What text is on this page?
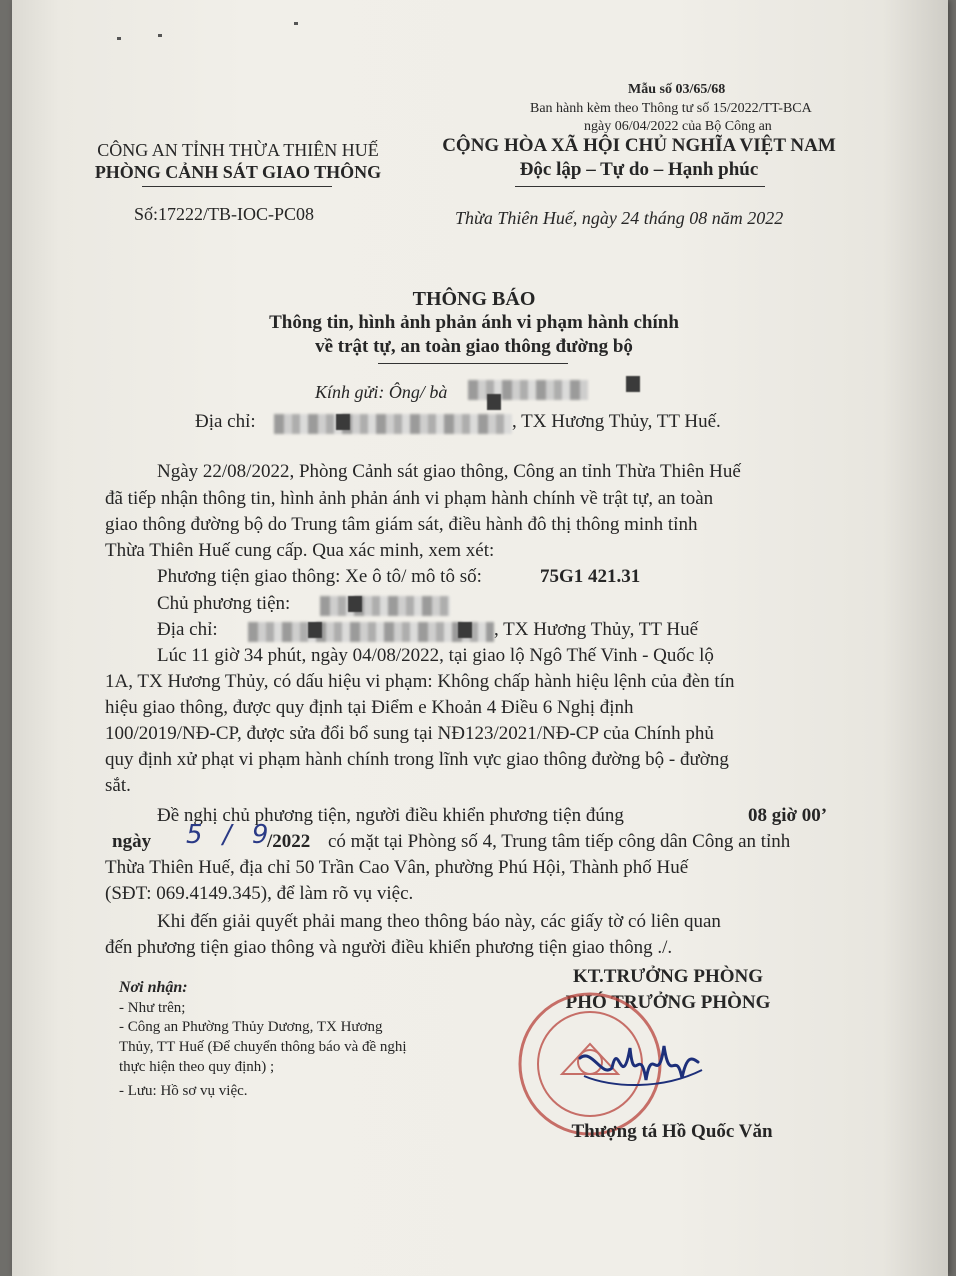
Mẫu số 03/65/68
Ban hành kèm theo Thông tư số 15/2022/TT-BCA
ngày 06/04/2022 của Bộ Công an
CÔNG AN TỈNH THỪA THIÊN HUẾ
PHÒNG CẢNH SÁT GIAO THÔNG
Số:17222/TB-IOC-PC08
CỘNG HÒA XÃ HỘI CHỦ NGHĨA VIỆT NAM
Độc lập – Tự do – Hạnh phúc
Thừa Thiên Huế, ngày 24 tháng 08 năm 2022
THÔNG BÁO
Thông tin, hình ảnh phản ánh vi phạm hành chính
về trật tự, an toàn giao thông đường bộ
Kính gửi: Ông/ bà
Địa chỉ:	, TX Hương Thủy, TT Huế.
Ngày 22/08/2022, Phòng Cảnh sát giao thông, Công an tỉnh Thừa Thiên Huế
đã tiếp nhận thông tin, hình ảnh phản ánh vi phạm hành chính về trật tự, an toàn
giao thông đường bộ do Trung tâm giám sát, điều hành đô thị thông minh tỉnh
Thừa Thiên Huế cung cấp. Qua xác minh, xem xét:
Phương tiện giao thông: Xe ô tô/ mô tô số:	75G1 421.31
Chủ phương tiện:
Địa chỉ:	, TX Hương Thủy, TT Huế
Lúc 11 giờ 34 phút, ngày 04/08/2022, tại giao lộ Ngô Thế Vinh - Quốc lộ
1A, TX Hương Thủy, có dấu hiệu vi phạm: Không chấp hành hiệu lệnh của đèn tín
hiệu giao thông, được quy định tại Điểm e Khoản 4 Điều 6 Nghị định
100/2019/NĐ-CP, được sửa đổi bổ sung tại NĐ123/2021/NĐ-CP của Chính phủ
quy định xử phạt vi phạm hành chính trong lĩnh vực giao thông đường bộ - đường
sắt.
Đề nghị chủ phương tiện, người điều khiển phương tiện đúng	08 giờ 00’
ngày 5 / 9
/2022 có mặt tại Phòng số 4, Trung tâm tiếp công dân Công an tỉnh
Thừa Thiên Huế, địa chỉ 50 Trần Cao Vân, phường Phú Hội, Thành phố Huế
(SĐT: 069.4149.345), để làm rõ vụ việc.
Khi đến giải quyết phải mang theo thông báo này, các giấy tờ có liên quan
đến phương tiện giao thông và người điều khiển phương tiện giao thông ./.
Nơi nhận:
- Như trên;
- Công an Phường Thủy Dương, TX Hương
Thủy, TT Huế (Để chuyển thông báo và đề nghị
thực hiện theo quy định) ;
- Lưu: Hồ sơ vụ việc.
KT.TRƯỞNG PHÒNG
PHÓ TRƯỞNG PHÒNG
Thượng tá Hồ Quốc Văn
